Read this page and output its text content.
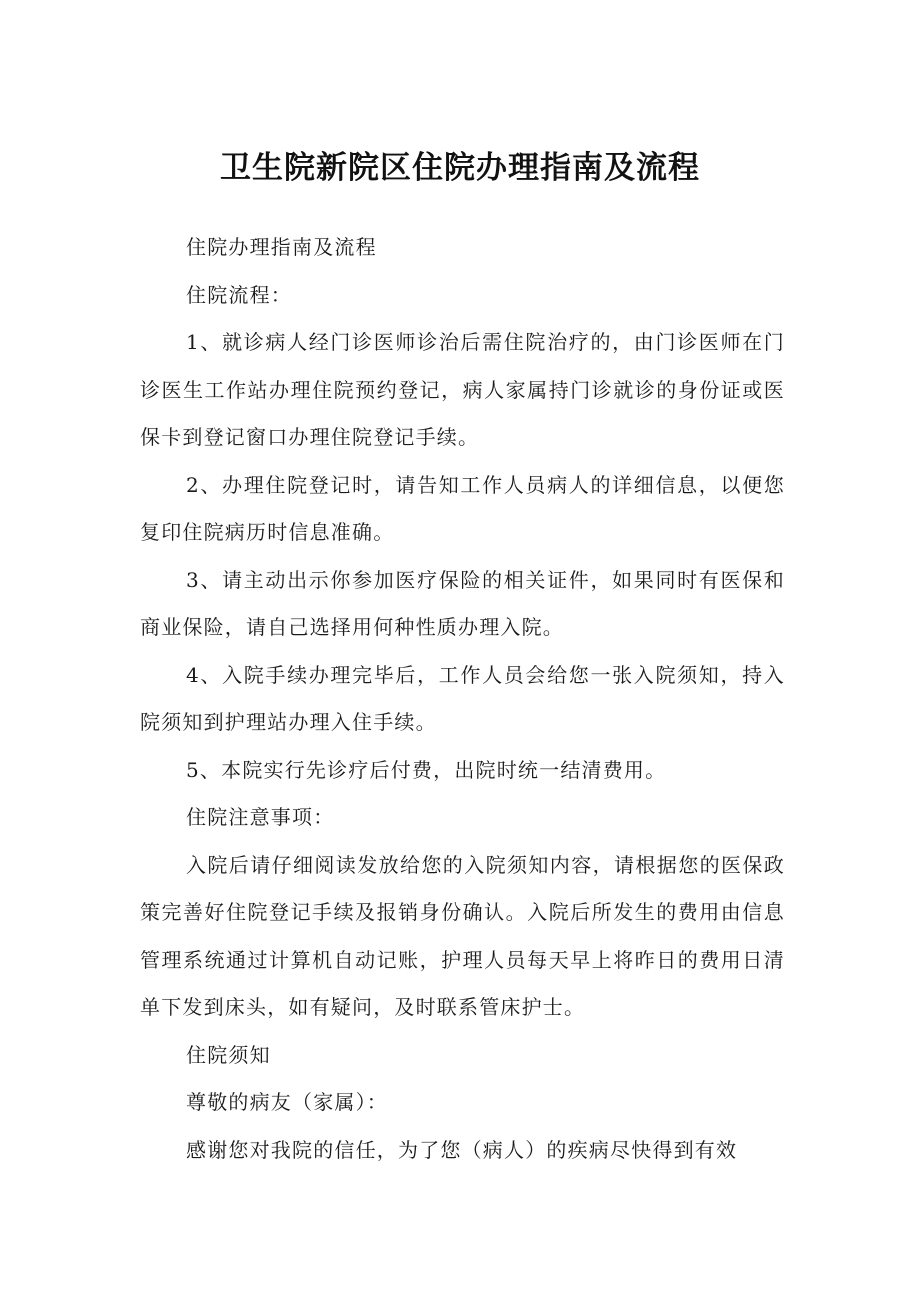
卫生院新院区住院办理指南及流程

住院办理指南及流程

住院流程：

1、就诊病人经门诊医师诊治后需住院治疗的，由门诊医师在门诊医生工作站办理住院预约登记，病人家属持门诊就诊的身份证或医保卡到登记窗口办理住院登记手续。

2、办理住院登记时，请告知工作人员病人的详细信息，以便您复印住院病历时信息准确。

3、请主动出示你参加医疗保险的相关证件，如果同时有医保和商业保险，请自己选择用何种性质办理入院。

4、入院手续办理完毕后，工作人员会给您一张入院须知，持入院须知到护理站办理入住手续。

5、本院实行先诊疗后付费，出院时统一结清费用。

住院注意事项：

入院后请仔细阅读发放给您的入院须知内容，请根据您的医保政策完善好住院登记手续及报销身份确认。入院后所发生的费用由信息管理系统通过计算机自动记账，护理人员每天早上将昨日的费用日清单下发到床头，如有疑问，及时联系管床护士。

住院须知

尊敬的病友（家属）：

感谢您对我院的信任，为了您（病人）的疾病尽快得到有效
